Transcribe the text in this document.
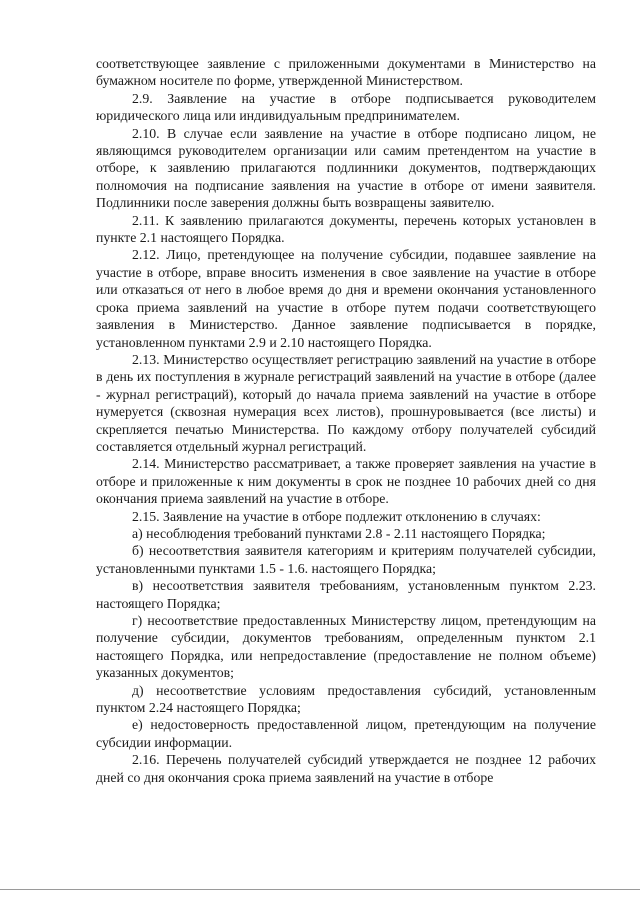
соответствующее заявление с приложенными документами в Министерство на бумажном носителе по форме, утвержденной Министерством.

2.9. Заявление на участие в отборе подписывается руководителем юридического лица или индивидуальным предпринимателем.

2.10. В случае если заявление на участие в отборе подписано лицом, не являющимся руководителем организации или самим претендентом на участие в отборе, к заявлению прилагаются подлинники документов, подтверждающих полномочия на подписание заявления на участие в отборе от имени заявителя. Подлинники после заверения должны быть возвращены заявителю.

2.11. К заявлению прилагаются документы, перечень которых установлен в пункте 2.1 настоящего Порядка.

2.12. Лицо, претендующее на получение субсидии, подавшее заявление на участие в отборе, вправе вносить изменения в свое заявление на участие в отборе или отказаться от него в любое время до дня и времени окончания установленного срока приема заявлений на участие в отборе путем подачи соответствующего заявления в Министерство. Данное заявление подписывается в порядке, установленном пунктами 2.9 и 2.10 настоящего Порядка.

2.13. Министерство осуществляет регистрацию заявлений на участие в отборе в день их поступления в журнале регистраций заявлений на участие в отборе (далее - журнал регистраций), который до начала приема заявлений на участие в отборе нумеруется (сквозная нумерация всех листов), прошнуровывается (все листы) и скрепляется печатью Министерства. По каждому отбору получателей субсидий составляется отдельный журнал регистраций.

2.14. Министерство рассматривает, а также проверяет заявления на участие в отборе и приложенные к ним документы в срок не позднее 10 рабочих дней со дня окончания приема заявлений на участие в отборе.

2.15. Заявление на участие в отборе подлежит отклонению в случаях:

а) несоблюдения требований пунктами 2.8 - 2.11 настоящего Порядка;

б) несоответствия заявителя категориям и критериям получателей субсидии, установленными пунктами 1.5 - 1.6. настоящего Порядка;

в) несоответствия заявителя требованиям, установленным пунктом 2.23. настоящего Порядка;

г) несоответствие предоставленных Министерству лицом, претендующим на получение субсидии, документов требованиям, определенным пунктом 2.1 настоящего Порядка, или непредоставление (предоставление не полном объеме) указанных документов;

д) несоответствие условиям предоставления субсидий, установленным пунктом 2.24 настоящего Порядка;

е) недостоверность предоставленной лицом, претендующим на получение субсидии информации.

2.16. Перечень получателей субсидий утверждается не позднее 12 рабочих дней со дня окончания срока приема заявлений на участие в отборе
